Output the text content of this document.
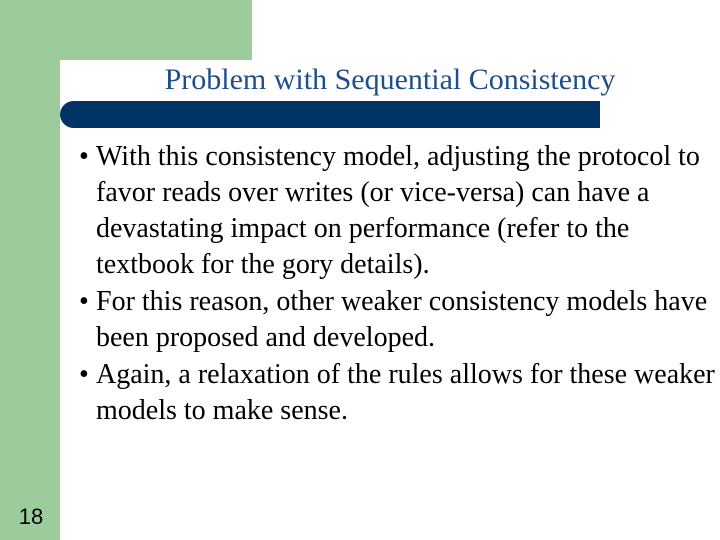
Problem with Sequential Consistency
• With this consistency model, adjusting the protocol to favor reads over writes (or vice-versa) can have a devastating impact on performance (refer to the textbook for the gory details).
• For this reason, other weaker consistency models have been proposed and developed.
• Again, a relaxation of the rules allows for these weaker models to make sense.
18
